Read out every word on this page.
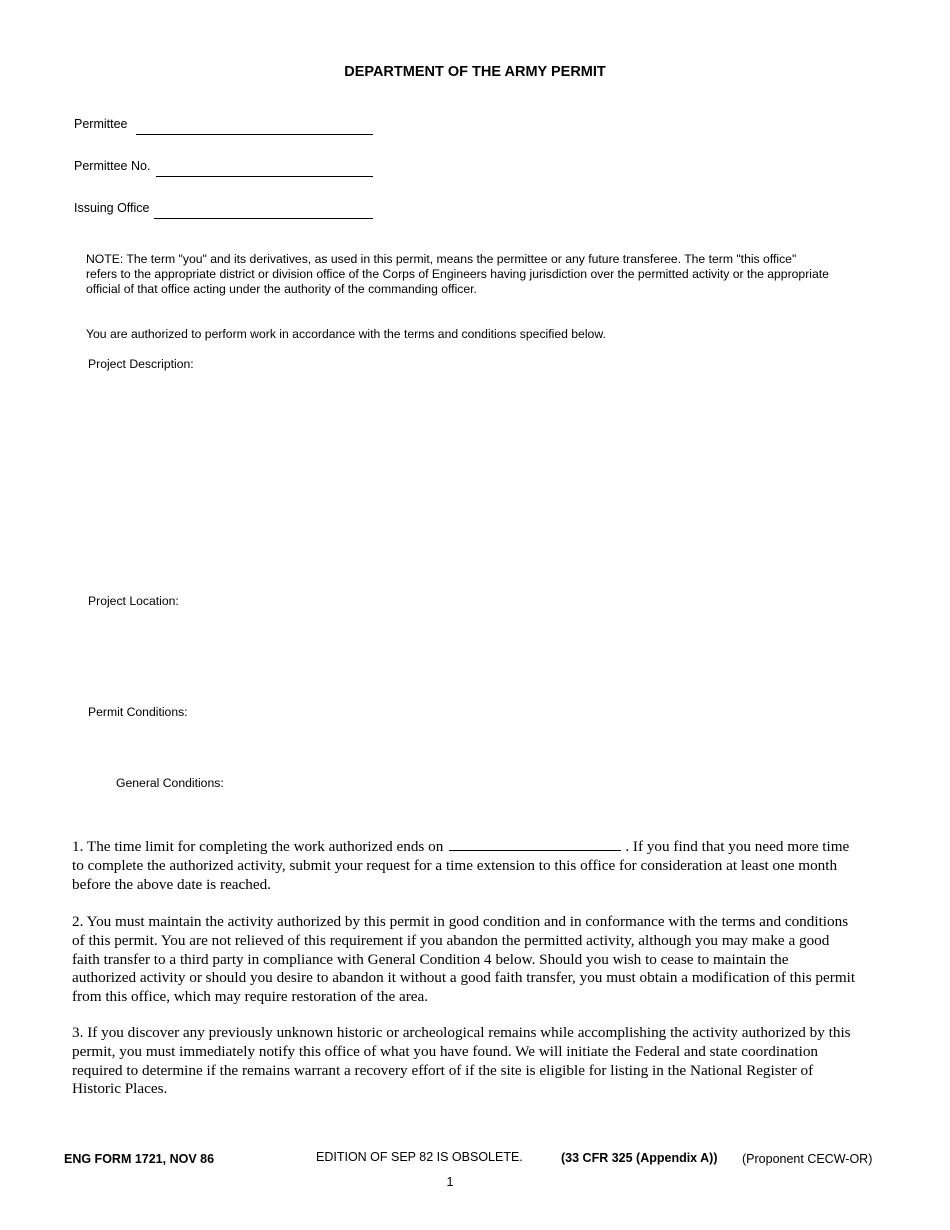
DEPARTMENT OF THE ARMY PERMIT
Permittee
Permittee No.
Issuing Office
NOTE: The term "you" and its derivatives, as used in this permit, means the permittee or any future transferee. The term "this office"
refers to the appropriate district or division office of the Corps of Engineers having jurisdiction over the permitted activity or the appropriate
official of that office acting under the authority of the commanding officer.
You are authorized to perform work in accordance with the terms and conditions specified below.
Project Description:
Project Location:
Permit Conditions:
General Conditions:
1. The time limit for completing the work authorized ends on	. If you find that you need more time
to complete the authorized activity, submit your request for a time extension to this office for consideration at least one month
before the above date is reached.
2. You must maintain the activity authorized by this permit in good condition and in conformance with the terms and conditions
of this permit. You are not relieved of this requirement if you abandon the permitted activity, although you may make a good
faith transfer to a third party in compliance with General Condition 4 below. Should you wish to cease to maintain the
authorized activity or should you desire to abandon it without a good faith transfer, you must obtain a modification of this permit
from this office, which may require restoration of the area.
3. If you discover any previously unknown historic or archeological remains while accomplishing the activity authorized by this
permit, you must immediately notify this office of what you have found. We will initiate the Federal and state coordination
required to determine if the remains warrant a recovery effort of if the site is eligible for listing in the National Register of
Historic Places.
ENG FORM 1721, NOV 86	EDITION OF SEP 82 IS OBSOLETE.	(33 CFR 325 (Appendix A)) (Proponent CECW-OR)
1
